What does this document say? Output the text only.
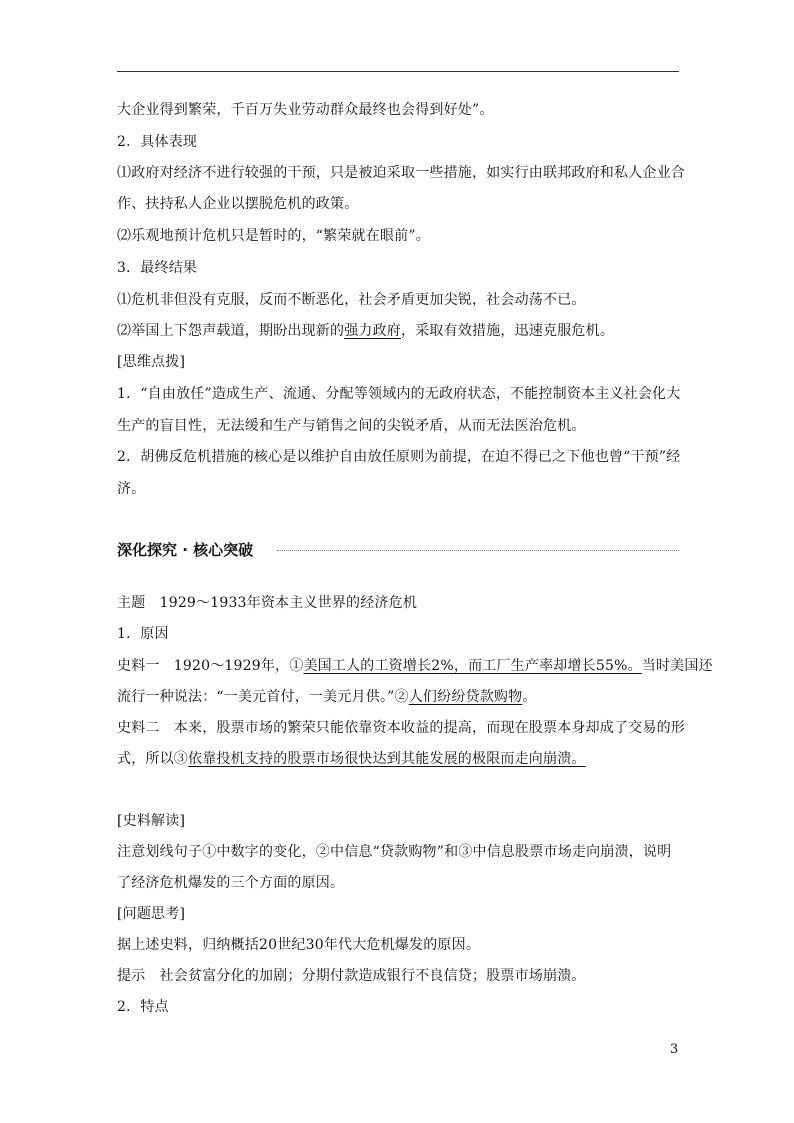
大企业得到繁荣，千百万失业劳动群众最终也会得到好处”。
2．具体表现
⑴政府对经济不进行较强的干预，只是被迫采取一些措施，如实行由联邦政府和私人企业合
作、扶持私人企业以摆脱危机的政策。
⑵乐观地预计危机只是暂时的，“繁荣就在眼前”。
3．最终结果
⑴危机非但没有克服，反而不断恶化，社会矛盾更加尖锐，社会动荡不已。
⑵举国上下怨声载道，期盼出现新的强力政府，采取有效措施，迅速克服危机。
[思维点拨]
1．“自由放任”造成生产、流通、分配等领域内的无政府状态，不能控制资本主义社会化大
生产的盲目性，无法缓和生产与销售之间的尖锐矛盾，从而无法医治危机。
2．胡佛反危机措施的核心是以维护自由放任原则为前提，在迫不得已之下他也曾“干预”经
济。
深化探究 · 核心突破
主题　1929～1933年资本主义世界的经济危机
1．原因
史料一　1920～1929年，①美国工人的工资增长2%，而工厂生产率却增长55%。当时美国还
流行一种说法：“一美元首付，一美元月供。”②人们纷纷贷款购物。
史料二　本来，股票市场的繁荣只能依靠资本收益的提高，而现在股票本身却成了交易的形
式，所以③依靠投机支持的股票市场很快达到其能发展的极限而走向崩溃。
[史料解读]
注意划线句子①中数字的变化，②中信息“贷款购物”和③中信息股票市场走向崩溃，说明
了经济危机爆发的三个方面的原因。
[问题思考]
据上述史料，归纳概括20世纪30年代大危机爆发的原因。
提示　社会贫富分化的加剧；分期付款造成银行不良信贷；股票市场崩溃。
2．特点
3
